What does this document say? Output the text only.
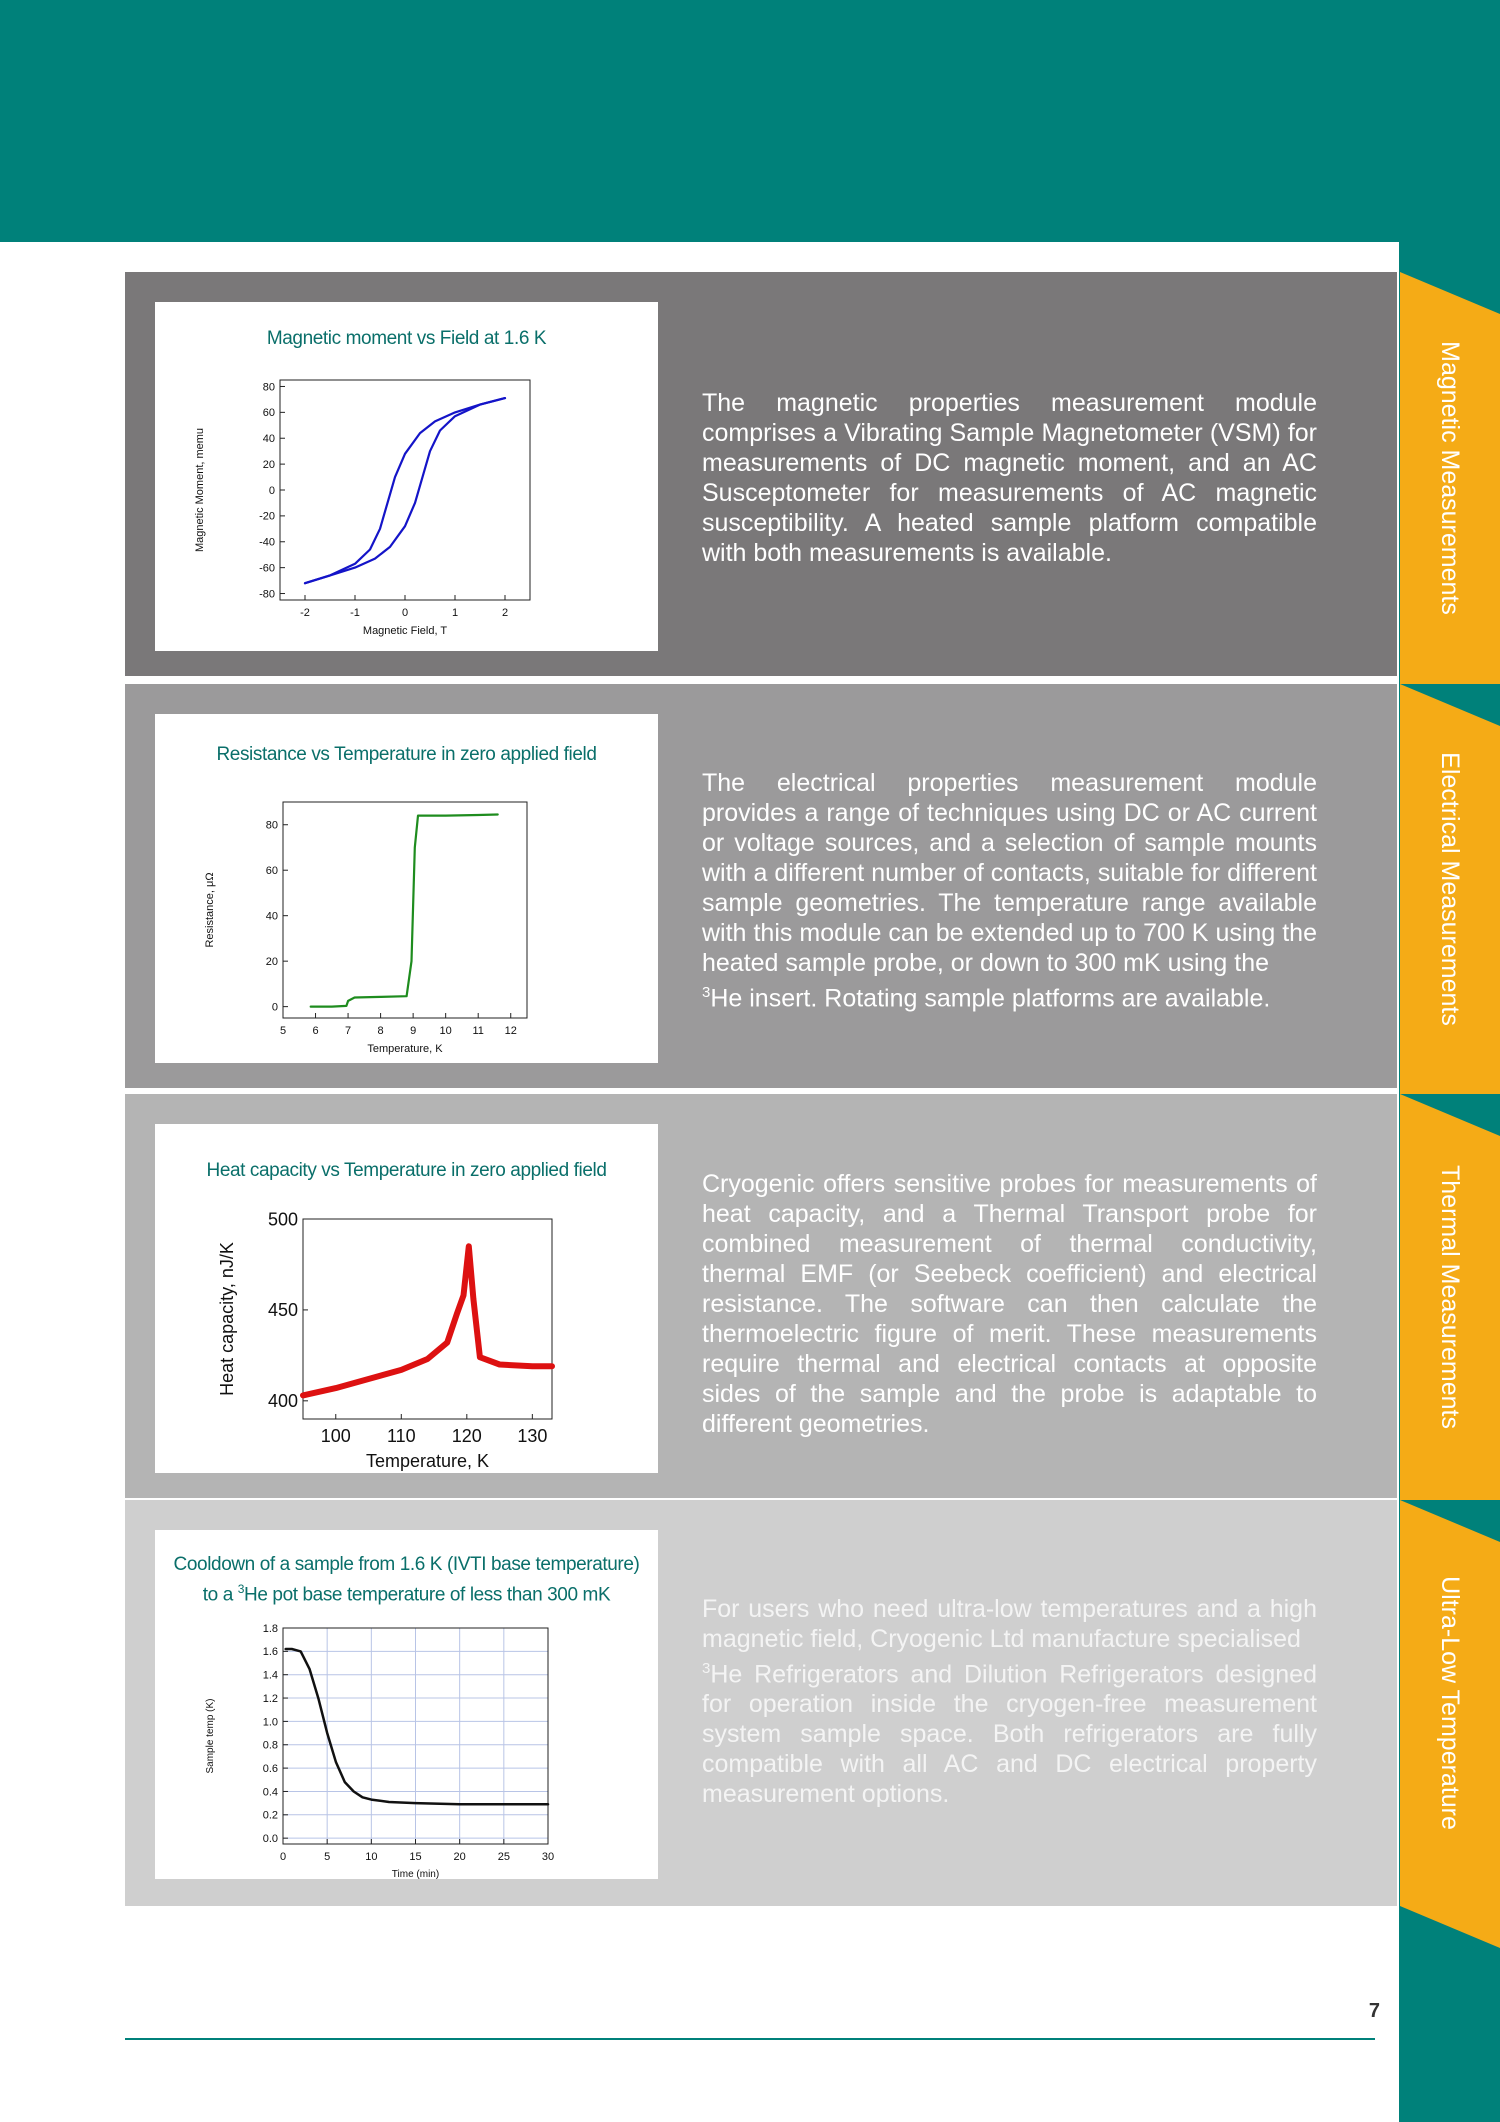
Magnetic Measurements
Electrical Measurements
Thermal Measurements
Ultra-Low Temperature
Magnetic moment vs Field at 1.6 K
-2	-1	0	1	2
-80
-60
-40
-20
0
20
40
60
80
Magnetic Field, T
Magnetic Moment, memu

The magnetic properties measurement module comprises a Vibrating Sample Magnetometer (VSM) for measurements of DC magnetic moment, and an AC Susceptometer for measurements of AC magnetic susceptibility. A heated sample platform compatible with both measurements is available.

Resistance vs Temperature in zero applied field
5 6 7 8 9 10 11 12
0
20
40
60
80
Temperature, K
Resistance, μΩ

The electrical properties measurement module provides a range of techniques using DC or AC current or voltage sources, and a selection of sample mounts with a different number of contacts, suitable for different sample geometries. The temperature range available with this module can be extended up to 700 K using the heated sample probe, or down to 300 mK using the
$^3$He insert. Rotating sample platforms are available.

Heat capacity vs Temperature in zero applied field
100 110 120 130
400
450
500
Temperature, K
Heat capacity, nJ/K

Cryogenic offers sensitive probes for measurements of heat capacity, and a Thermal Transport probe for combined measurement of thermal conductivity, thermal EMF (or Seebeck coefficient) and electrical resistance. The software can then calculate the thermoelectric figure of merit. These measurements require thermal and electrical contacts at opposite sides of the sample and the probe is adaptable to different geometries.

Cooldown of a sample from 1.6 K (IVTI base temperature)
to a $^3$He pot base temperature of less than 300 mK
0	5	10	15	20	25	30
0.0
0.2
0.4
0.6
0.8
1.0
1.2
1.4
1.6
1.8
Time (min)
Sample temp (K)

For users who need ultra-low temperatures and a high magnetic field, Cryogenic Ltd manufacture specialised
$^3$He Refrigerators and Dilution Refrigerators designed for operation inside the cryogen-free measurement system sample space. Both refrigerators are fully compatible with all AC and DC electrical property measurement options.

7
